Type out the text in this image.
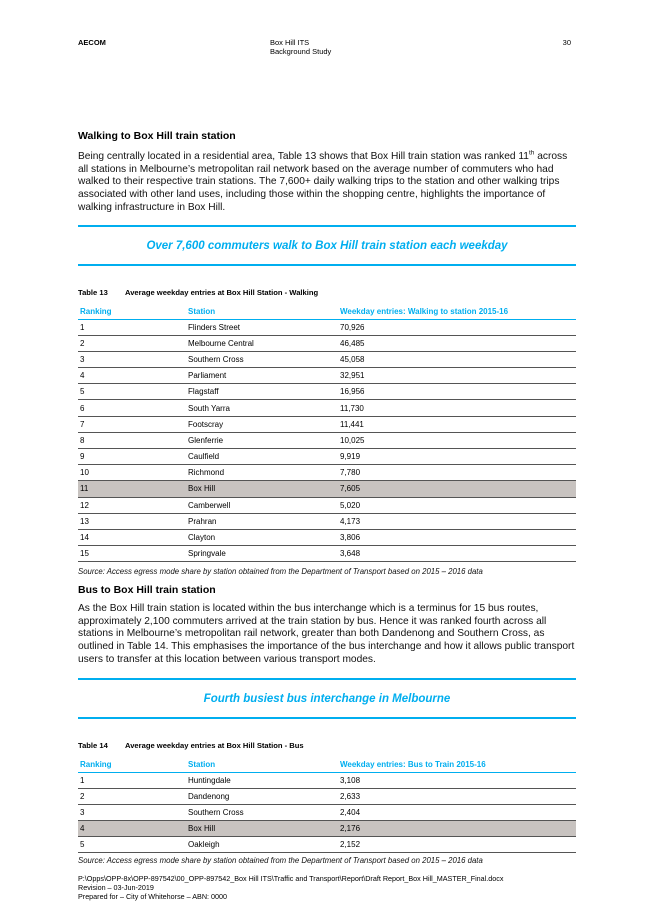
AECOM	Box Hill ITS
Background Study
30
Walking to Box Hill train station

Being centrally located in a residential area, Table 13 shows that Box Hill train station was ranked 11th across all stations in Melbourne’s metropolitan rail network based on the average number of commuters who had walked to their respective train stations. The 7,600+ daily walking trips to the station and other walking trips associated with other land uses, including those within the shopping centre, highlights the importance of walking infrastructure in Box Hill.

Over 7,600 commuters walk to Box Hill train station each weekday
Table 13 Average weekday entries at Box Hill Station - Walking
Ranking	Station	Weekday entries: Walking to station 2015-16
1	Flinders Street	70,926
2	Melbourne Central	46,485
3	Southern Cross	45,058
4	Parliament	32,951
5	Flagstaff	16,956
6	South Yarra	11,730
7	Footscray	11,441
8	Glenferrie	10,025
9	Caulfield	9,919
10	Richmond	7,780
11	Box Hill	7,605
12	Camberwell	5,020
13	Prahran	4,173
14	Clayton	3,806
15	Springvale	3,648
Source: Access egress mode share by station obtained from the Department of Transport based on 2015 – 2016 data
Bus to Box Hill train station

As the Box Hill train station is located within the bus interchange which is a terminus for 15 bus routes, approximately 2,100 commuters arrived at the train station by bus. Hence it was ranked fourth across all stations in Melbourne’s metropolitan rail network, greater than both Dandenong and Southern Cross, as outlined in Table 14. This emphasises the importance of the bus interchange and how it allows public transport users to transfer at this location between various transport modes.

Fourth busiest bus interchange in Melbourne
Table 14 Average weekday entries at Box Hill Station - Bus
Ranking	Station	Weekday entries: Bus to Train 2015-16
1	Huntingdale	3,108
2	Dandenong	2,633
3	Southern Cross	2,404
4	Box Hill	2,176
5	Oakleigh	2,152
Source: Access egress mode share by station obtained from the Department of Transport based on 2015 – 2016 data
P:\Opps\OPP-8x\OPP-897542\00_OPP-897542_Box Hill ITS\Traffic and Transport\Report\Draft Report_Box Hill_MASTER_Final.docx
Revision – 03-Jun-2019
Prepared for – City of Whitehorse – ABN: 0000
